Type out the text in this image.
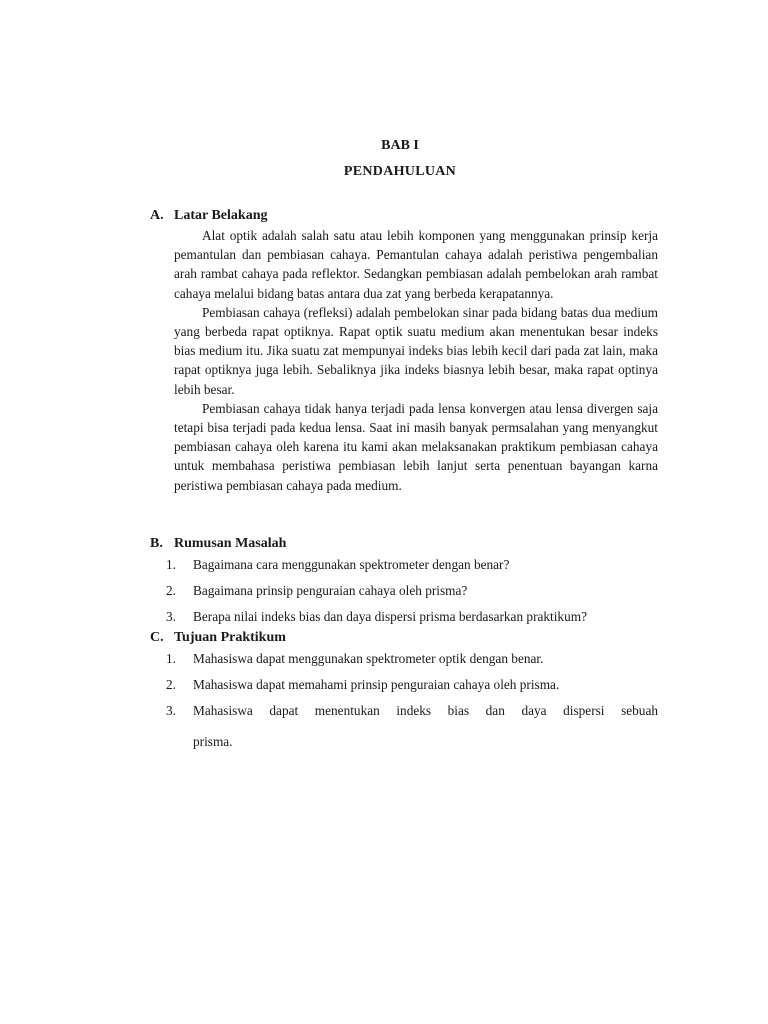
BAB I
PENDAHULUAN
A. Latar Belakang

Alat optik adalah salah satu atau lebih komponen yang menggunakan prinsip kerja pemantulan dan pembiasan cahaya. Pemantulan cahaya adalah peristiwa pengembalian arah rambat cahaya pada reflektor. Sedangkan pembiasan adalah pembelokan arah rambat cahaya melalui bidang batas antara dua zat yang berbeda kerapatannya.

Pembiasan cahaya (refleksi) adalah pembelokan sinar pada bidang batas dua medium yang berbeda rapat optiknya. Rapat optik suatu medium akan menentukan besar indeks bias medium itu. Jika suatu zat mempunyai indeks bias lebih kecil dari pada zat lain, maka rapat optiknya juga lebih. Sebaliknya jika indeks biasnya lebih besar, maka rapat optinya lebih besar.

Pembiasan cahaya tidak hanya terjadi pada lensa konvergen atau lensa divergen saja tetapi bisa terjadi pada kedua lensa. Saat ini masih banyak permsalahan yang menyangkut pembiasan cahaya oleh karena itu kami akan melaksanakan praktikum pembiasan cahaya untuk membahasa peristiwa pembiasan lebih lanjut serta penentuan bayangan karna peristiwa pembiasan cahaya pada medium.

B. Rumusan Masalah
1.	Bagaimana cara menggunakan spektrometer dengan benar?
2.	Bagaimana prinsip penguraian cahaya oleh prisma?
3.	Berapa nilai indeks bias dan daya dispersi prisma berdasarkan praktikum?
C. Tujuan Praktikum
1.	Mahasiswa dapat menggunakan spektrometer optik dengan benar.
2.	Mahasiswa dapat memahami prinsip penguraian cahaya oleh prisma.
3.	Mahasiswa dapat menentukan indeks bias dan daya dispersi sebuah
prisma.
